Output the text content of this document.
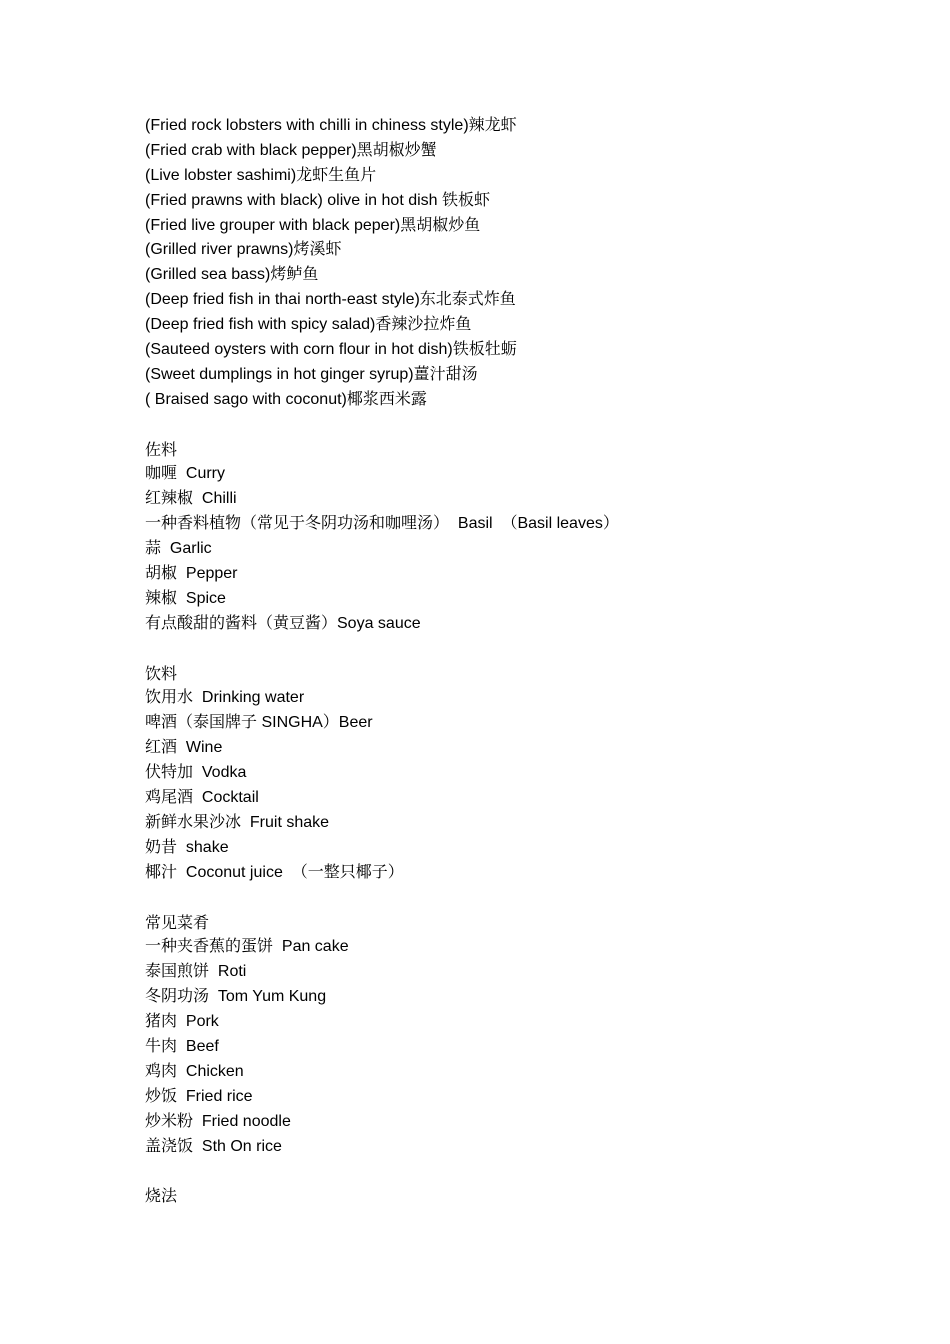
(Fried rock lobsters with chilli in chiness style)辣龙虾

(Fried crab with black pepper)黑胡椒炒蟹

(Live lobster sashimi)龙虾生鱼片

(Fried prawns with black) olive in hot dish 铁板虾

(Fried live grouper with black peper)黑胡椒炒鱼

(Grilled river prawns)烤溪虾

(Grilled sea bass)烤鲈鱼

(Deep fried fish in thai north-east style)东北泰式炸鱼

(Deep fried fish with spicy salad)香辣沙拉炸鱼

(Sauteed oysters with corn flour in hot dish)铁板牡蛎

(Sweet dumplings in hot ginger syrup)薑汁甜汤

( Braised sago with coconut)椰浆西米露

佐料

咖喱  Curry

红辣椒  Chilli

一种香料植物（常见于冬阴功汤和咖哩汤）  Basil  （Basil leaves）

蒜  Garlic

胡椒  Pepper

辣椒  Spice

有点酸甜的酱料（黄豆酱）Soya sauce

饮料

饮用水  Drinking water

啤酒（泰国牌子 SINGHA）Beer

红酒  Wine

伏特加  Vodka

鸡尾酒  Cocktail

新鲜水果沙冰  Fruit shake

奶昔  shake

椰汁  Coconut juice  （一整只椰子）

常见菜肴

一种夹香蕉的蛋饼  Pan cake

泰国煎饼  Roti

冬阴功汤  Tom Yum Kung

猪肉  Pork

牛肉  Beef

鸡肉  Chicken

炒饭  Fried rice

炒米粉  Fried noodle

盖浇饭  Sth On rice

烧法
